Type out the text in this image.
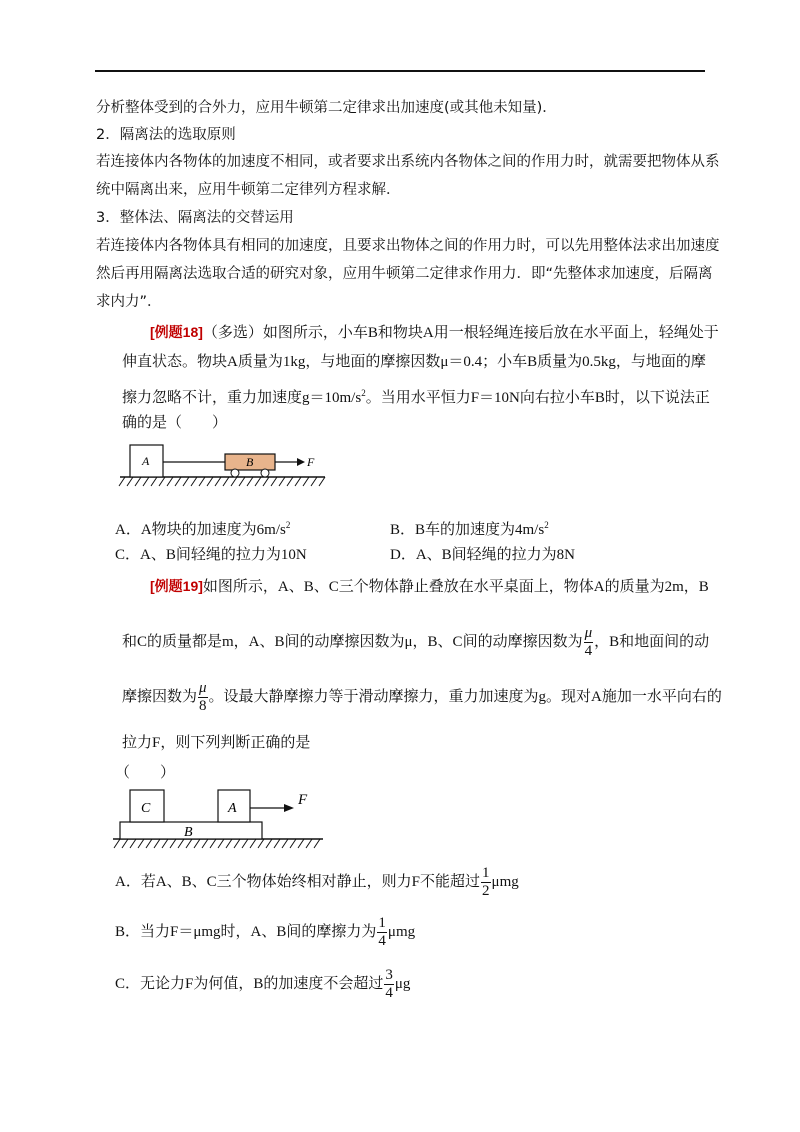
分析整体受到的合外力，应用牛顿第二定律求出加速度(或其他未知量)．
2．隔离法的选取原则
若连接体内各物体的加速度不相同，或者要求出系统内各物体之间的作用力时，就需要把物体从系
统中隔离出来，应用牛顿第二定律列方程求解．
3．整体法、隔离法的交替运用
若连接体内各物体具有相同的加速度，且要求出物体之间的作用力时，可以先用整体法求出加速度
然后再用隔离法选取合适的研究对象，应用牛顿第二定律求作用力．即“先整体求加速度，后隔离
求内力”．
[例题18]（多选）如图所示，小车B和物块A用一根轻绳连接后放在水平面上，轻绳处于
伸直状态。物块A质量为1kg，与地面的摩擦因数μ＝0.4；小车B质量为0.5kg，与地面的摩
擦力忽略不计，重力加速度$g=10m/s^2$。当用水平恒力F＝10N向右拉小车B时，以下说法正
确的是（　　）
A	B	F
A．A物块的加速度为$6m/s^2$	B．B车的加速度为$4m/s^2$
C．A、B间轻绳的拉力为10N	D．A、B间轻绳的拉力为8N
[例题19]如图所示，A、B、C三个物体静止叠放在水平桌面上，物体A的质量为2m，B
和C的质量都是m，A、B间的动摩擦因数为μ，B、C间的动摩擦因数为 $\frac{\mu}{4}$ ，B和地面间的动
摩擦因数为 $\frac{\mu}{8}$ 。设最大静摩擦力等于滑动摩擦力，重力加速度为g。现对A施加一水平向右的
拉力F，则下列判断正确的是
（　　）
B
C	A
F
A．若A、B、C三个物体始终相对静止，则力F不能超过 $\frac{1}{2}$ μmg
B．当力F＝μmg时，A、B间的摩擦力为 $\frac{1}{4}$ μmg
C．无论力F为何值，B的加速度不会超过 $\frac{3}{4}$ μg
